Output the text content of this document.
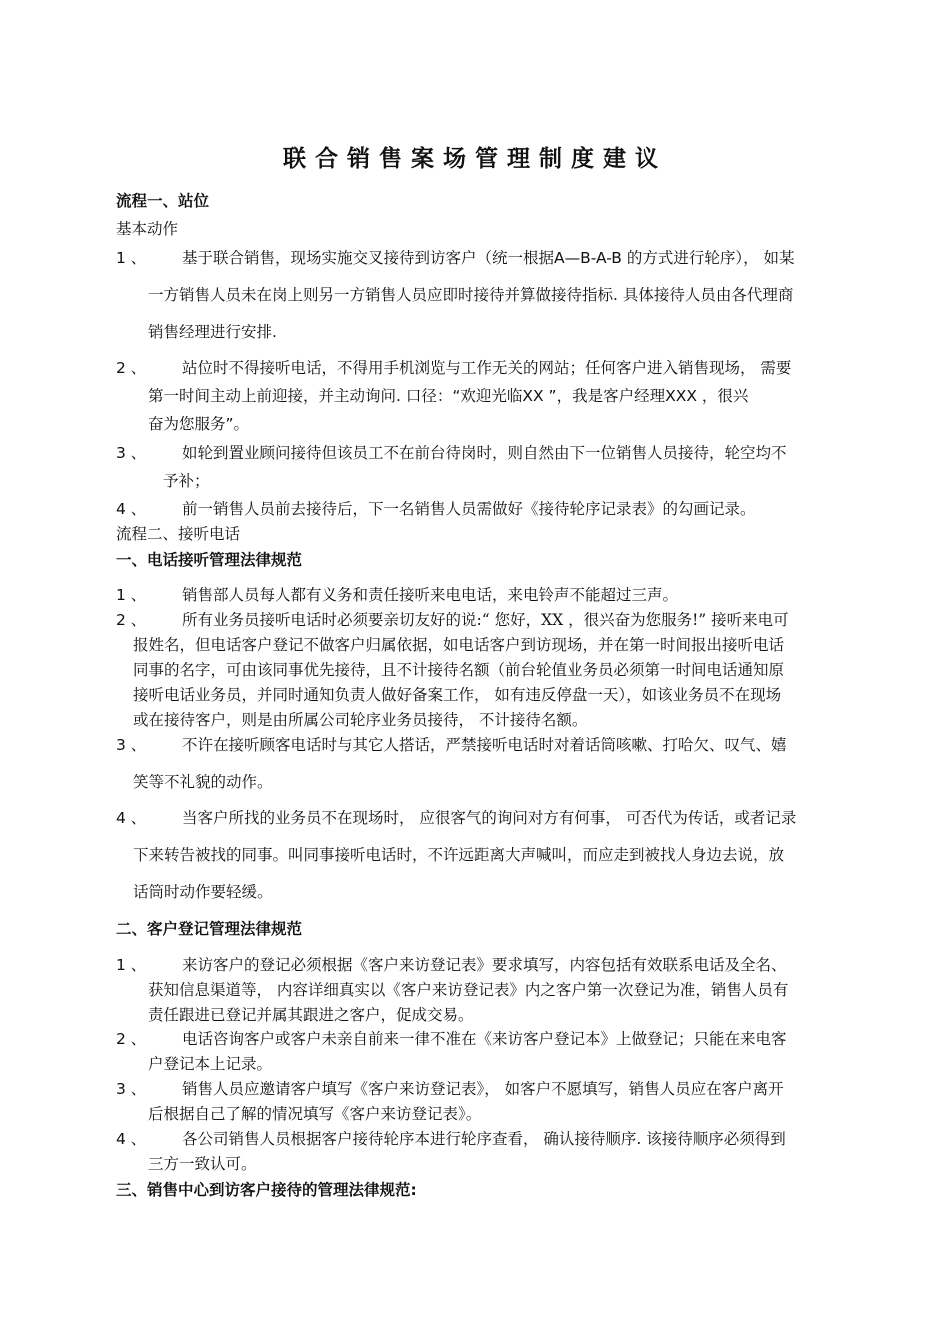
联合销售案场管理制度建议
流程一、站位
基本动作
1 、 基于联合销售，现场实施交叉接待到访客户（统一根据A—B-A-B 的方式进行轮序）， 如某
一方销售人员未在岗上则另一方销售人员应即时接待并算做接待指标. 具体接待人员由各代理商
销售经理进行安排.
2 、 站位时不得接听电话，不得用手机浏览与工作无关的网站；任何客户进入销售现场， 需要
第一时间主动上前迎接，并主动询问. 口径：“欢迎光临XX ”，我是客户经理XXX ，很兴
奋为您服务”。
3 、 如轮到置业顾问接待但该员工不在前台待岗时，则自然由下一位销售人员接待，轮空均不
予补；
4 、 前一销售人员前去接待后，下一名销售人员需做好《接待轮序记录表》的勾画记录。
流程二、接听电话
一、电话接听管理法律规范
1 、 销售部人员每人都有义务和责任接听来电电话，来电铃声不能超过三声。
2 、 所有业务员接听电话时必须要亲切友好的说:“ 您好，XX ，很兴奋为您服务!” 接听来电可
报姓名，但电话客户登记不做客户归属依据，如电话客户到访现场，并在第一时间报出接听电话
同事的名字，可由该同事优先接待，且不计接待名额（前台轮值业务员必须第一时间电话通知原
接听电话业务员，并同时通知负责人做好备案工作， 如有违反停盘一天），如该业务员不在现场
或在接待客户，则是由所属公司轮序业务员接待， 不计接待名额。
3 、 不许在接听顾客电话时与其它人搭话，严禁接听电话时对着话筒咳嗽、打哈欠、叹气、嬉
笑等不礼貌的动作。
4 、 当客户所找的业务员不在现场时， 应很客气的询问对方有何事， 可否代为传话，或者记录
下来转告被找的同事。叫同事接听电话时，不许远距离大声喊叫，而应走到被找人身边去说，放
话筒时动作要轻缓。
二、客户登记管理法律规范
1 、 来访客户的登记必须根据《客户来访登记表》要求填写，内容包括有效联系电话及全名、
获知信息渠道等， 内容详细真实以《客户来访登记表》内之客户第一次登记为准，销售人员有
责任跟进已登记并属其跟进之客户，促成交易。
2 、 电话咨询客户或客户未亲自前来一律不准在《来访客户登记本》上做登记；只能在来电客
户登记本上记录。
3 、 销售人员应邀请客户填写《客户来访登记表》， 如客户不愿填写，销售人员应在客户离开
后根据自己了解的情况填写《客户来访登记表》。
4 、 各公司销售人员根据客户接待轮序本进行轮序查看， 确认接待顺序. 该接待顺序必须得到
三方一致认可。
三、销售中心到访客户接待的管理法律规范:
